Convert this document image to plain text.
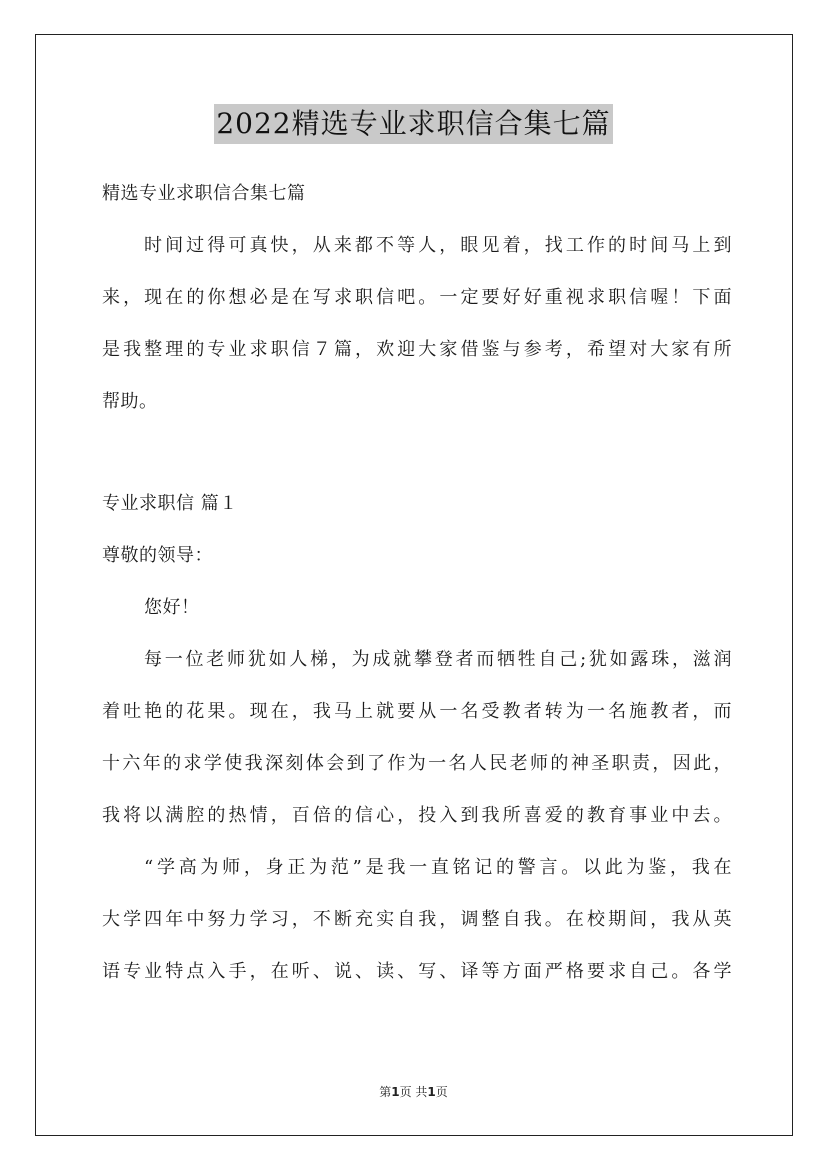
2022精选专业求职信合集七篇
精选专业求职信合集七篇
时间过得可真快，从来都不等人，眼见着，找工作的时间马上到
来，现在的你想必是在写求职信吧。一定要好好重视求职信喔！下面
是我整理的专业求职信７篇，欢迎大家借鉴与参考，希望对大家有所
帮助。
专业求职信 篇１
尊敬的领导：
您好！
每一位老师犹如人梯，为成就攀登者而牺牲自己;犹如露珠，滋润
着吐艳的花果。现在，我马上就要从一名受教者转为一名施教者，而
十六年的求学使我深刻体会到了作为一名人民老师的神圣职责，因此，
我将以满腔的热情，百倍的信心，投入到我所喜爱的教育事业中去。
“学高为师，身正为范”是我一直铭记的警言。以此为鉴，我在
大学四年中努力学习，不断充实自我，调整自我。在校期间，我从英
语专业特点入手，在听、说、读、写、译等方面严格要求自己。各学
第1页 共1页
